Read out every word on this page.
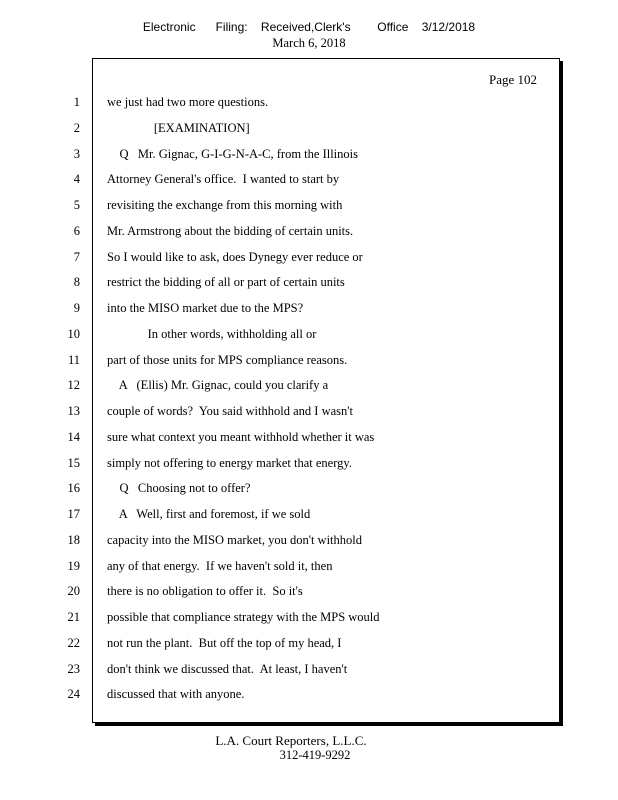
Electronic      Filing:    Received,Clerk's        Office    3/12/2018
March 6, 2018
Page 102
1 we just had two more questions.
2 [EXAMINATION]
3 Q   Mr. Gignac, G-I-G-N-A-C, from the Illinois
4 Attorney General's office.  I wanted to start by
5 revisiting the exchange from this morning with
6 Mr. Armstrong about the bidding of certain units.
7 So I would like to ask, does Dynegy ever reduce or
8 restrict the bidding of all or part of certain units
9 into the MISO market due to the MPS?
10 In other words, withholding all or
11 part of those units for MPS compliance reasons.
12 A   (Ellis) Mr. Gignac, could you clarify a
13 couple of words?  You said withhold and I wasn't
14 sure what context you meant withhold whether it was
15 simply not offering to energy market that energy.
16 Q   Choosing not to offer?
17 A   Well, first and foremost, if we sold
18 capacity into the MISO market, you don't withhold
19 any of that energy.  If we haven't sold it, then
20 there is no obligation to offer it.  So it's
21 possible that compliance strategy with the MPS would
22 not run the plant.  But off the top of my head, I
23 don't think we discussed that.  At least, I haven't
24 discussed that with anyone.
L.A. Court Reporters, L.L.C.
312-419-9292
